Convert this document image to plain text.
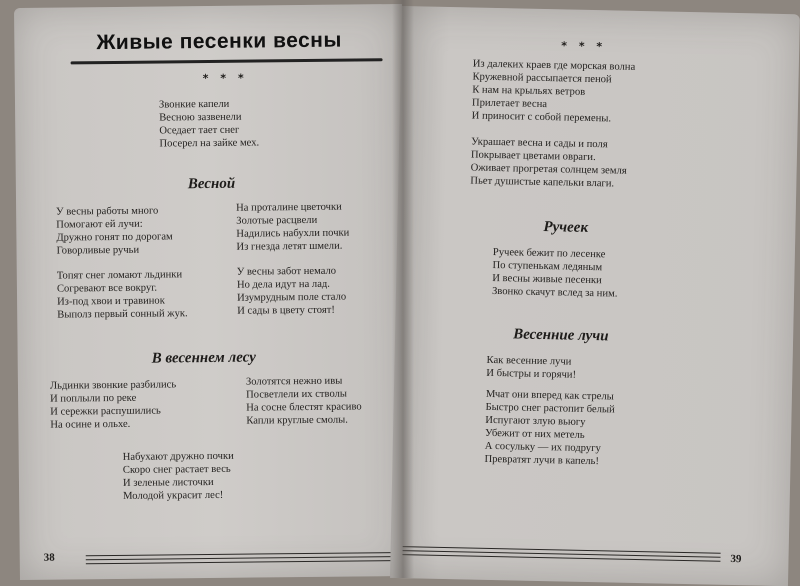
Живые песенки весны
* * *
Звонкие капели
Весною зазвенели
Оседает тает снег
Посерел на зайке мех.
Весной
У весны работы много
Помогают ей лучи:
Дружно гонят по дорогам
Говорливые ручьи
На проталине цветочки
Золотые расцвели
Надились набухли почки
Из гнезда летят шмели.
Топят снег ломают льдинки
Согревают все вокруг.
Из-под хвои и травинок
Выполз первый сонный жук.
У весны забот немало
Но дела идут на лад.
Изумрудным поле стало
И сады в цвету стоят!
В весеннем лесу
Льдинки звонкие разбились
И поплыли по реке
И сережки распушились
На осине и ольхе.
Золотятся нежно ивы
Посветлели их стволы
На сосне блестят красиво
Капли круглые смолы.
Набухают дружно почки
Скоро снег растает весь
И зеленые листочки
Молодой украсит лес!
38
* * *
Из далеких краев где морская волна
Кружевной рассыпается пеной
К нам на крыльях ветров
Прилетает весна
И приносит с собой перемены.
Украшает весна и сады и поля
Покрывает цветами овраги.
Оживает прогретая солнцем земля
Пьет душистые капельки влаги.
Ручеек
Ручеек бежит по лесенке
По ступенькам ледяным
И весны живые песенки
Звонко скачут вслед за ним.
Весенние лучи
Как весенние лучи
И быстры и горячи!
Мчат они вперед как стрелы
Быстро снег растопит белый
Испугают злую вьюгу
Убежит от них метель
А сосульку — их подругу
Превратят лучи в капель!
39
